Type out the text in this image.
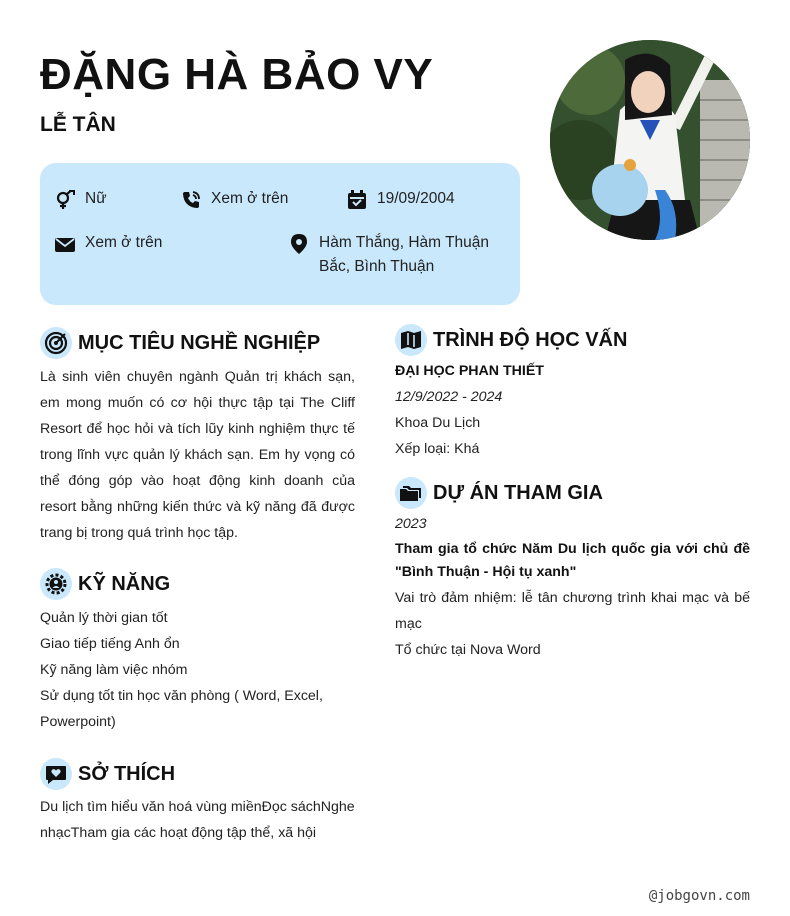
ĐẶNG HÀ BẢO VY
LỄ TÂN
Nữ	Xem ở trên	19/09/2004
Xem ở trên	Hàm Thắng, Hàm Thuận Bắc, Bình Thuận
MỤC TIÊU NGHỀ NGHIỆP
Là sinh viên chuyên ngành Quản trị khách sạn, em mong muốn có cơ hội thực tập tại The Cliff Resort để học hỏi và tích lũy kinh nghiệm thực tế trong lĩnh vực quản lý khách sạn. Em hy vọng có thể đóng góp vào hoạt động kinh doanh của resort bằng những kiến thức và kỹ năng đã được trang bị trong quá trình học tập.
KỸ NĂNG
Quản lý thời gian tốt
Giao tiếp tiếng Anh ổn
Kỹ năng làm việc nhóm
Sử dụng tốt tin học văn phòng ( Word, Excel,
Powerpoint)
SỞ THÍCH
Du lịch tìm hiểu văn hoá vùng miềnĐọc sáchNghe nhạcTham gia các hoạt động tập thể, xã hội
TRÌNH ĐỘ HỌC VẤN
ĐẠI HỌC PHAN THIẾT
12/9/2022 - 2024
Khoa Du Lịch
Xếp loại: Khá
DỰ ÁN THAM GIA
2023
Tham gia tổ chức Năm Du lịch quốc gia với chủ đề "Bình Thuận - Hội tụ xanh"
Vai trò đảm nhiệm: lễ tân chương trình khai mạc và bế mạc
Tổ chức tại Nova Word
@jobgovn.com
